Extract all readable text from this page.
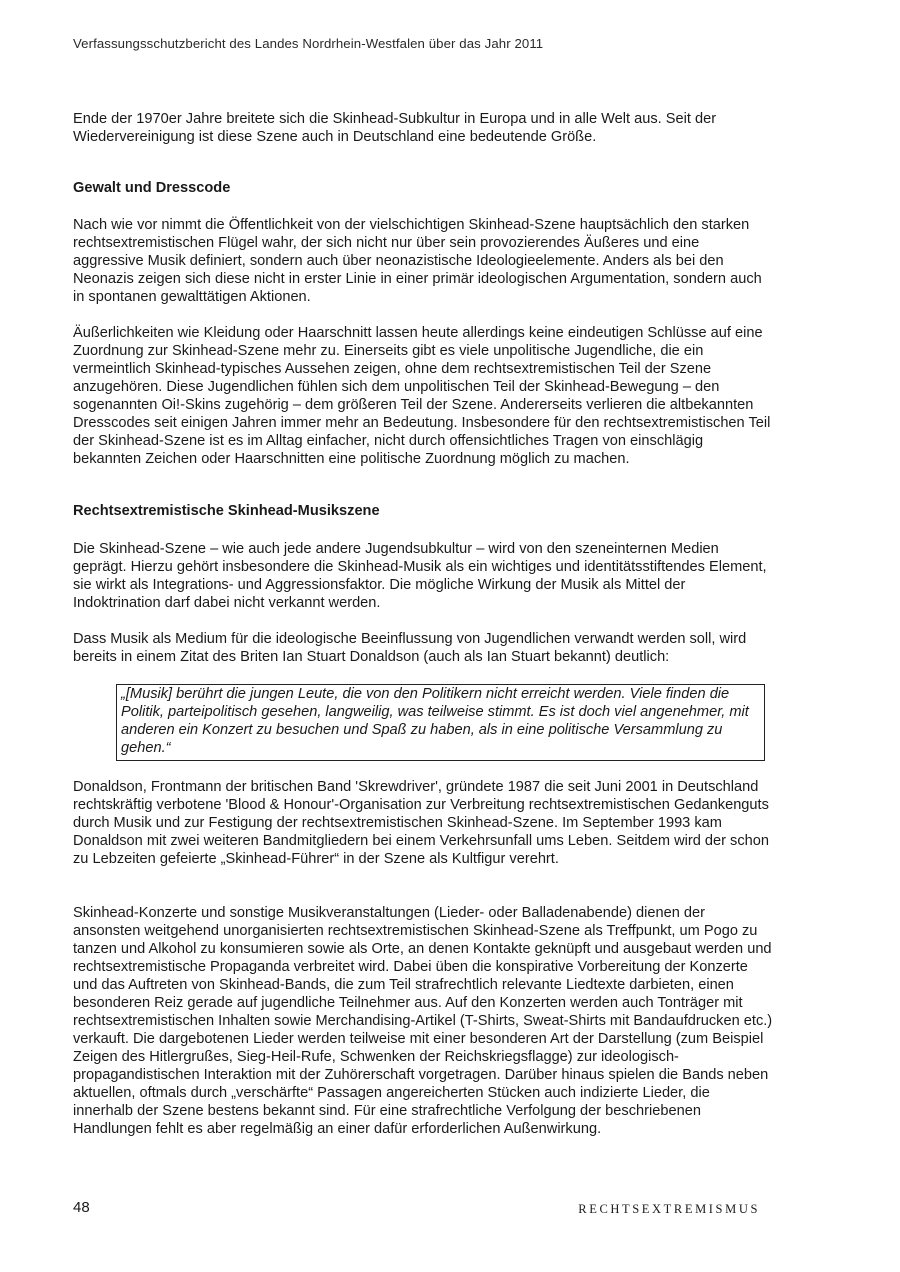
Verfassungsschutzbericht des Landes Nordrhein-Westfalen über das Jahr 2011

Ende der 1970er Jahre breitete sich die Skinhead-Subkultur in Europa und in alle Welt aus. Seit der Wiedervereinigung ist diese Szene auch in Deutschland eine bedeutende Größe.

Gewalt und Dresscode

Nach wie vor nimmt die Öffentlichkeit von der vielschichtigen Skinhead-Szene hauptsächlich den starken rechtsextremistischen Flügel wahr, der sich nicht nur über sein provozierendes Äußeres und eine aggressive Musik definiert, sondern auch über neonazistische Ideologieelemente. Anders als bei den Neonazis zeigen sich diese nicht in erster Linie in einer primär ideologischen Argumentation, sondern auch in spontanen gewalttätigen Aktionen.

Äußerlichkeiten wie Kleidung oder Haarschnitt lassen heute allerdings keine eindeutigen Schlüsse auf eine Zuordnung zur Skinhead-Szene mehr zu. Einerseits gibt es viele unpolitische Jugendliche, die ein vermeintlich Skinhead-typisches Aussehen zeigen, ohne dem rechtsextremistischen Teil der Szene anzugehören. Diese Jugendlichen fühlen sich dem unpolitischen Teil der Skinhead-Bewegung – den sogenannten Oi!-Skins zugehörig – dem größeren Teil der Szene. Andererseits verlieren die altbekannten Dresscodes seit einigen Jahren immer mehr an Bedeutung. Insbesondere für den rechtsextremistischen Teil der Skinhead-Szene ist es im Alltag einfacher, nicht durch offensichtliches Tragen von einschlägig bekannten Zeichen oder Haarschnitten eine politische Zuordnung möglich zu machen.

Rechtsextremistische Skinhead-Musikszene

Die Skinhead-Szene – wie auch jede andere Jugendsubkultur – wird von den szeneinternen Medien geprägt. Hierzu gehört insbesondere die Skinhead-Musik als ein wichtiges und identitätsstiftendes Element, sie wirkt als Integrations- und Aggressionsfaktor. Die mögliche Wirkung der Musik als Mittel der Indoktrination darf dabei nicht verkannt werden.

Dass Musik als Medium für die ideologische Beeinflussung von Jugendlichen verwandt werden soll, wird bereits in einem Zitat des Briten Ian Stuart Donaldson (auch als Ian Stuart bekannt) deutlich:

„[Musik] berührt die jungen Leute, die von den Politikern nicht erreicht werden. Viele finden die Politik, parteipolitisch gesehen, langweilig, was teilweise stimmt. Es ist doch viel angenehmer, mit anderen ein Konzert zu besuchen und Spaß zu haben, als in eine politische Versammlung zu gehen.“

Donaldson, Frontmann der britischen Band 'Skrewdriver', gründete 1987 die seit Juni 2001 in Deutschland rechtskräftig verbotene 'Blood & Honour'-Organisation zur Verbreitung rechtsextremistischen Gedankenguts durch Musik und zur Festigung der rechtsextremistischen Skinhead-Szene. Im September 1993 kam Donaldson mit zwei weiteren Bandmitgliedern bei einem Verkehrsunfall ums Leben. Seitdem wird der schon zu Lebzeiten gefeierte „Skinhead-Führer“ in der Szene als Kultfigur verehrt.

Skinhead-Konzerte und sonstige Musikveranstaltungen (Lieder- oder Balladenabende) dienen der ansonsten weitgehend unorganisierten rechtsextremistischen Skinhead-Szene als Treffpunkt, um Pogo zu tanzen und Alkohol zu konsumieren sowie als Orte, an denen Kontakte geknüpft und ausgebaut werden und rechtsextremistische Propaganda verbreitet wird. Dabei üben die konspirative Vorbereitung der Konzerte und das Auftreten von Skinhead-Bands, die zum Teil strafrechtlich relevante Liedtexte darbieten, einen besonderen Reiz gerade auf jugendliche Teilnehmer aus. Auf den Konzerten werden auch Tonträger mit rechtsextremistischen Inhalten sowie Merchandising-Artikel (T-Shirts, Sweat-Shirts mit Bandaufdrucken etc.) verkauft. Die dargebotenen Lieder werden teilweise mit einer besonderen Art der Darstellung (zum Beispiel Zeigen des Hitlergrußes, Sieg-Heil-Rufe, Schwenken der Reichskriegsflagge) zur ideologisch-propagandistischen Interaktion mit der Zuhörerschaft vorgetragen. Darüber hinaus spielen die Bands neben aktuellen, oftmals durch „verschärfte“ Passagen angereicherten Stücken auch indizierte Lieder, die innerhalb der Szene bestens bekannt sind. Für eine strafrechtliche Verfolgung der beschriebenen Handlungen fehlt es aber regelmäßig an einer dafür erforderlichen Außenwirkung.

48	RECHTSEXTREMISMUS
